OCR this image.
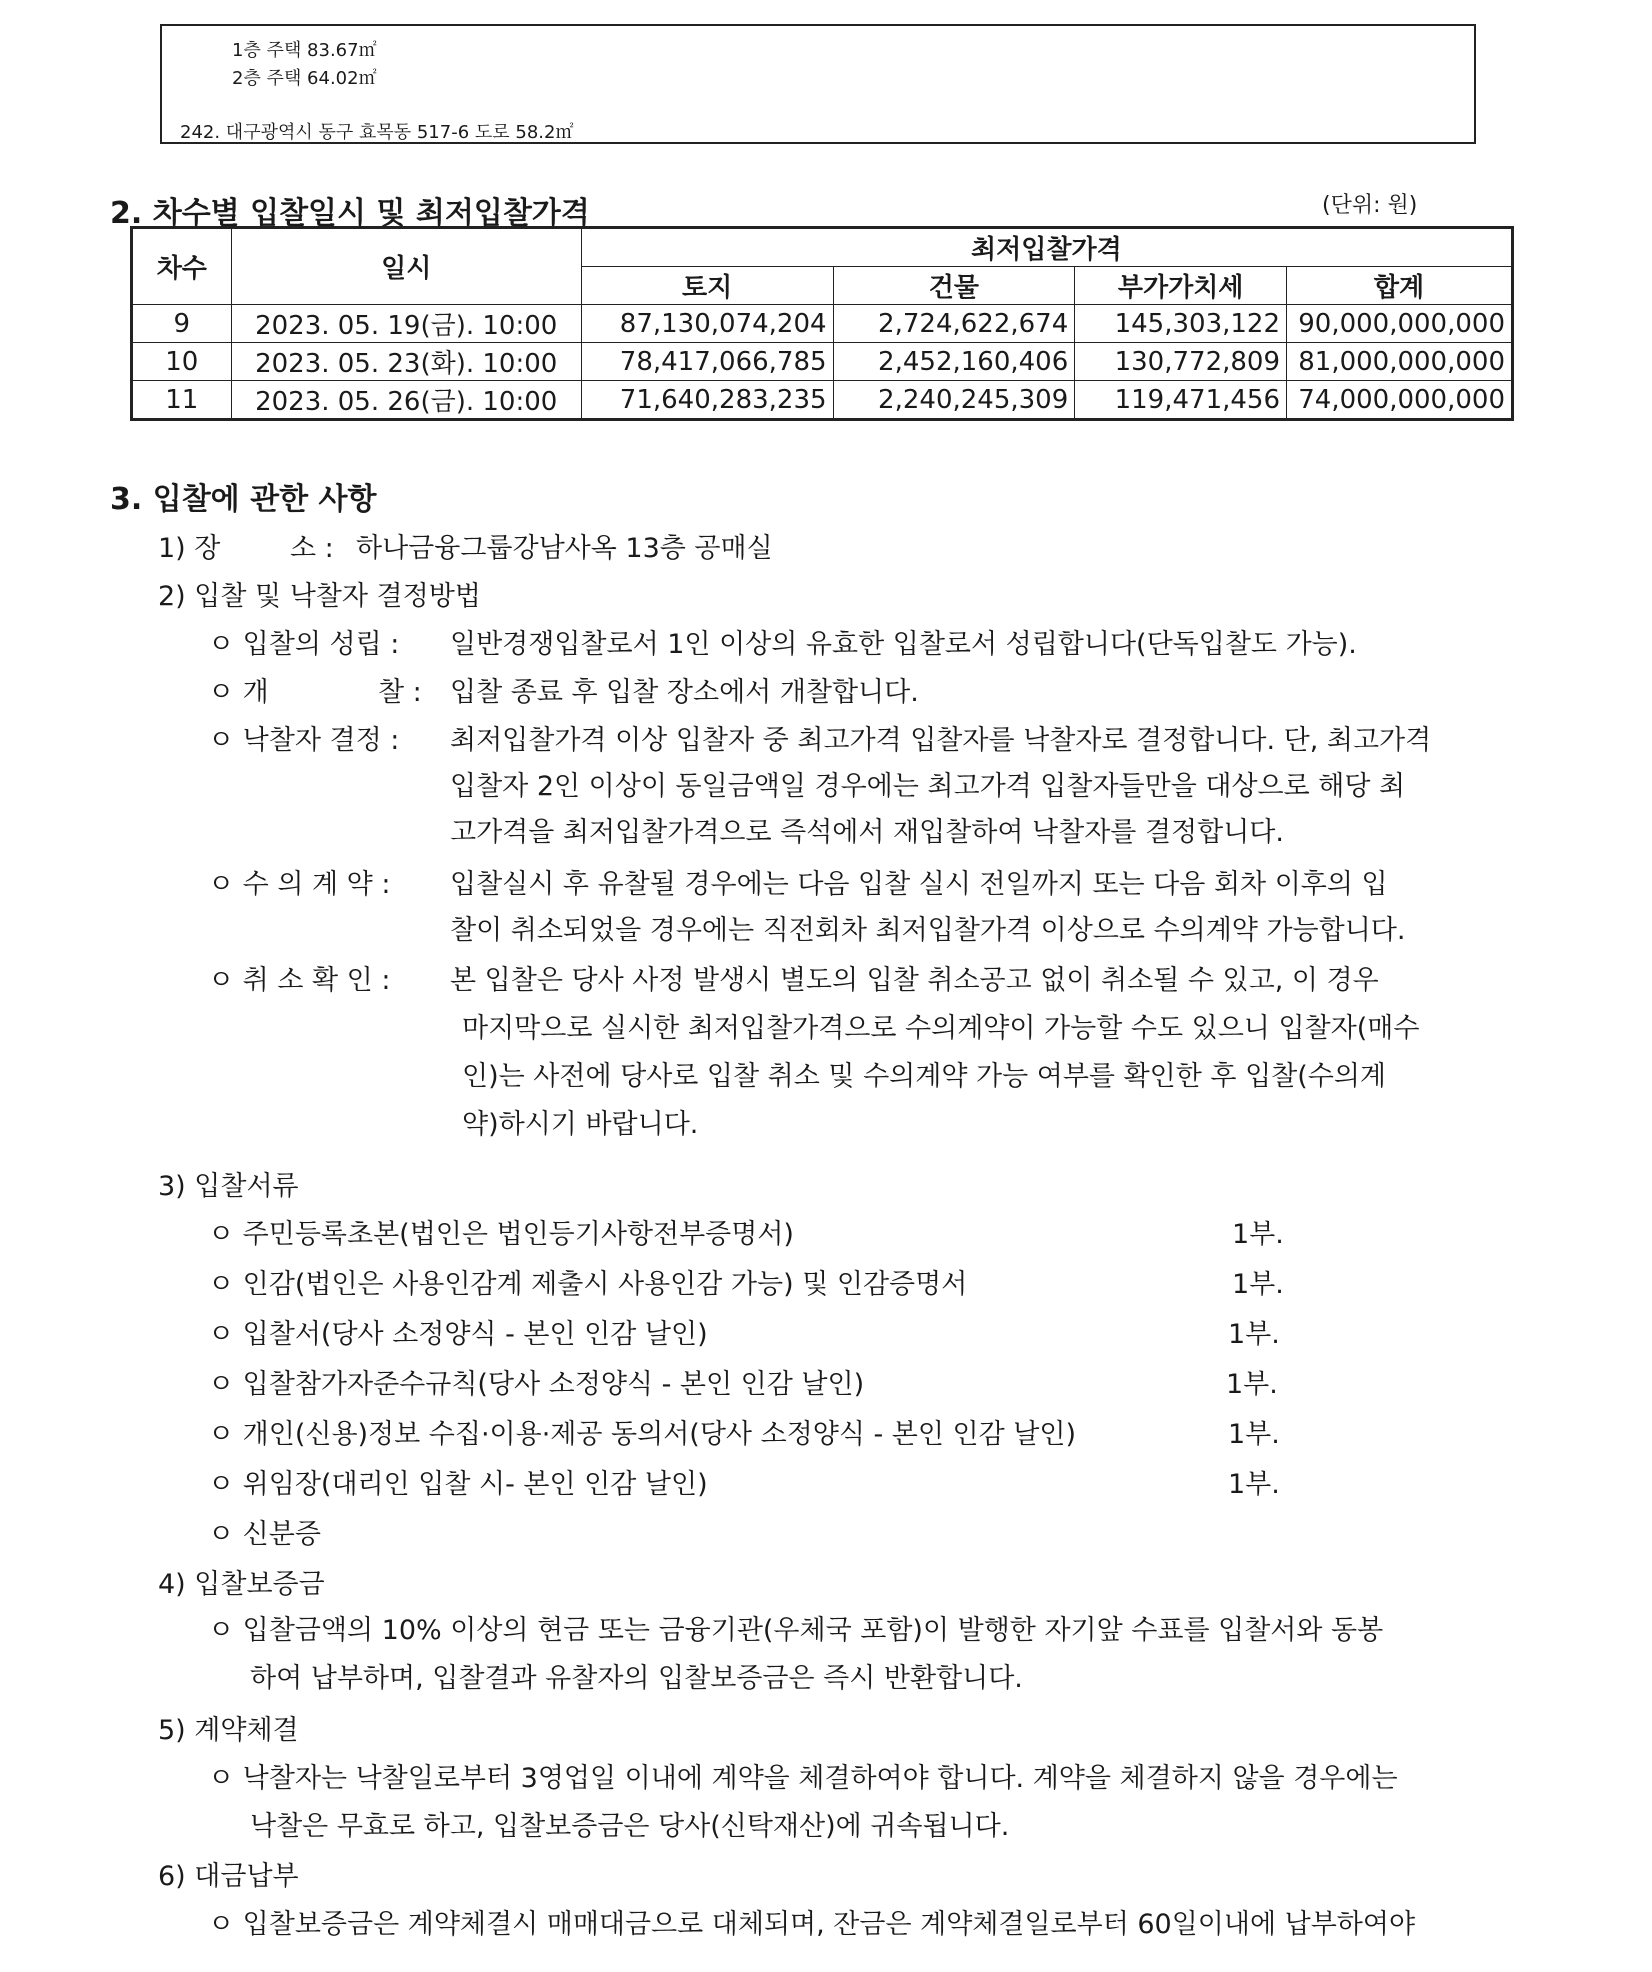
1층 주택 83.67㎡
2층 주택 64.02㎡
242. 대구광역시 동구 효목동 517-6 도로 58.2㎡
2. 차수별 입찰일시 및 최저입찰가격	(단위: 원)
차수	일시	최저입찰가격			
		토지	건물	부가가치세	합계
9	2023. 05. 19(금). 10:00	87,130,074,204	2,724,622,674	145,303,122	90,000,000,000
10	2023. 05. 23(화). 10:00	78,417,066,785	2,452,160,406	130,772,809	81,000,000,000
11	2023. 05. 26(금). 10:00	71,640,283,235	2,240,245,309	119,471,456	74,000,000,000
3. 입찰에 관한 사항
1) 장	소 : 하나금융그룹강남사옥 13층 공매실
2) 입찰 및 낙찰자 결정방법
ㅇ 입찰의 성립 : 일반경쟁입찰로서 1인 이상의 유효한 입찰로서 성립합니다(단독입찰도 가능).
ㅇ 개	찰 : 입찰 종료 후 입찰 장소에서 개찰합니다.
ㅇ 낙찰자 결정 : 최저입찰가격 이상 입찰자 중 최고가격 입찰자를 낙찰자로 결정합니다. 단, 최고가격
입찰자 2인 이상이 동일금액일 경우에는 최고가격 입찰자들만을 대상으로 해당 최
고가격을 최저입찰가격으로 즉석에서 재입찰하여 낙찰자를 결정합니다.
ㅇ 수 의 계 약 : 입찰실시 후 유찰될 경우에는 다음 입찰 실시 전일까지 또는 다음 회차 이후의 입
찰이 취소되었을 경우에는 직전회차 최저입찰가격 이상으로 수의계약 가능합니다.
ㅇ 취 소 확 인 : 본 입찰은 당사 사정 발생시 별도의 입찰 취소공고 없이 취소될 수 있고, 이 경우
마지막으로 실시한 최저입찰가격으로 수의계약이 가능할 수도 있으니 입찰자(매수
인)는 사전에 당사로 입찰 취소 및 수의계약 가능 여부를 확인한 후 입찰(수의계
약)하시기 바랍니다.
3) 입찰서류
ㅇ 주민등록초본(법인은 법인등기사항전부증명서)	1부.
ㅇ 인감(법인은 사용인감계 제출시 사용인감 가능) 및 인감증명서	1부.
ㅇ 입찰서(당사 소정양식 - 본인 인감 날인)	1부.
ㅇ 입찰참가자준수규칙(당사 소정양식 - 본인 인감 날인)	1부.
ㅇ 개인(신용)정보 수집·이용·제공 동의서(당사 소정양식 - 본인 인감 날인)	1부.
ㅇ 위임장(대리인 입찰 시- 본인 인감 날인)	1부.
ㅇ 신분증
4) 입찰보증금
ㅇ 입찰금액의 10% 이상의 현금 또는 금융기관(우체국 포함)이 발행한 자기앞 수표를 입찰서와 동봉
하여 납부하며, 입찰결과 유찰자의 입찰보증금은 즉시 반환합니다.
5) 계약체결
ㅇ 낙찰자는 낙찰일로부터 3영업일 이내에 계약을 체결하여야 합니다. 계약을 체결하지 않을 경우에는
낙찰은 무효로 하고, 입찰보증금은 당사(신탁재산)에 귀속됩니다.
6) 대금납부
ㅇ 입찰보증금은 계약체결시 매매대금으로 대체되며, 잔금은 계약체결일로부터 60일이내에 납부하여야
